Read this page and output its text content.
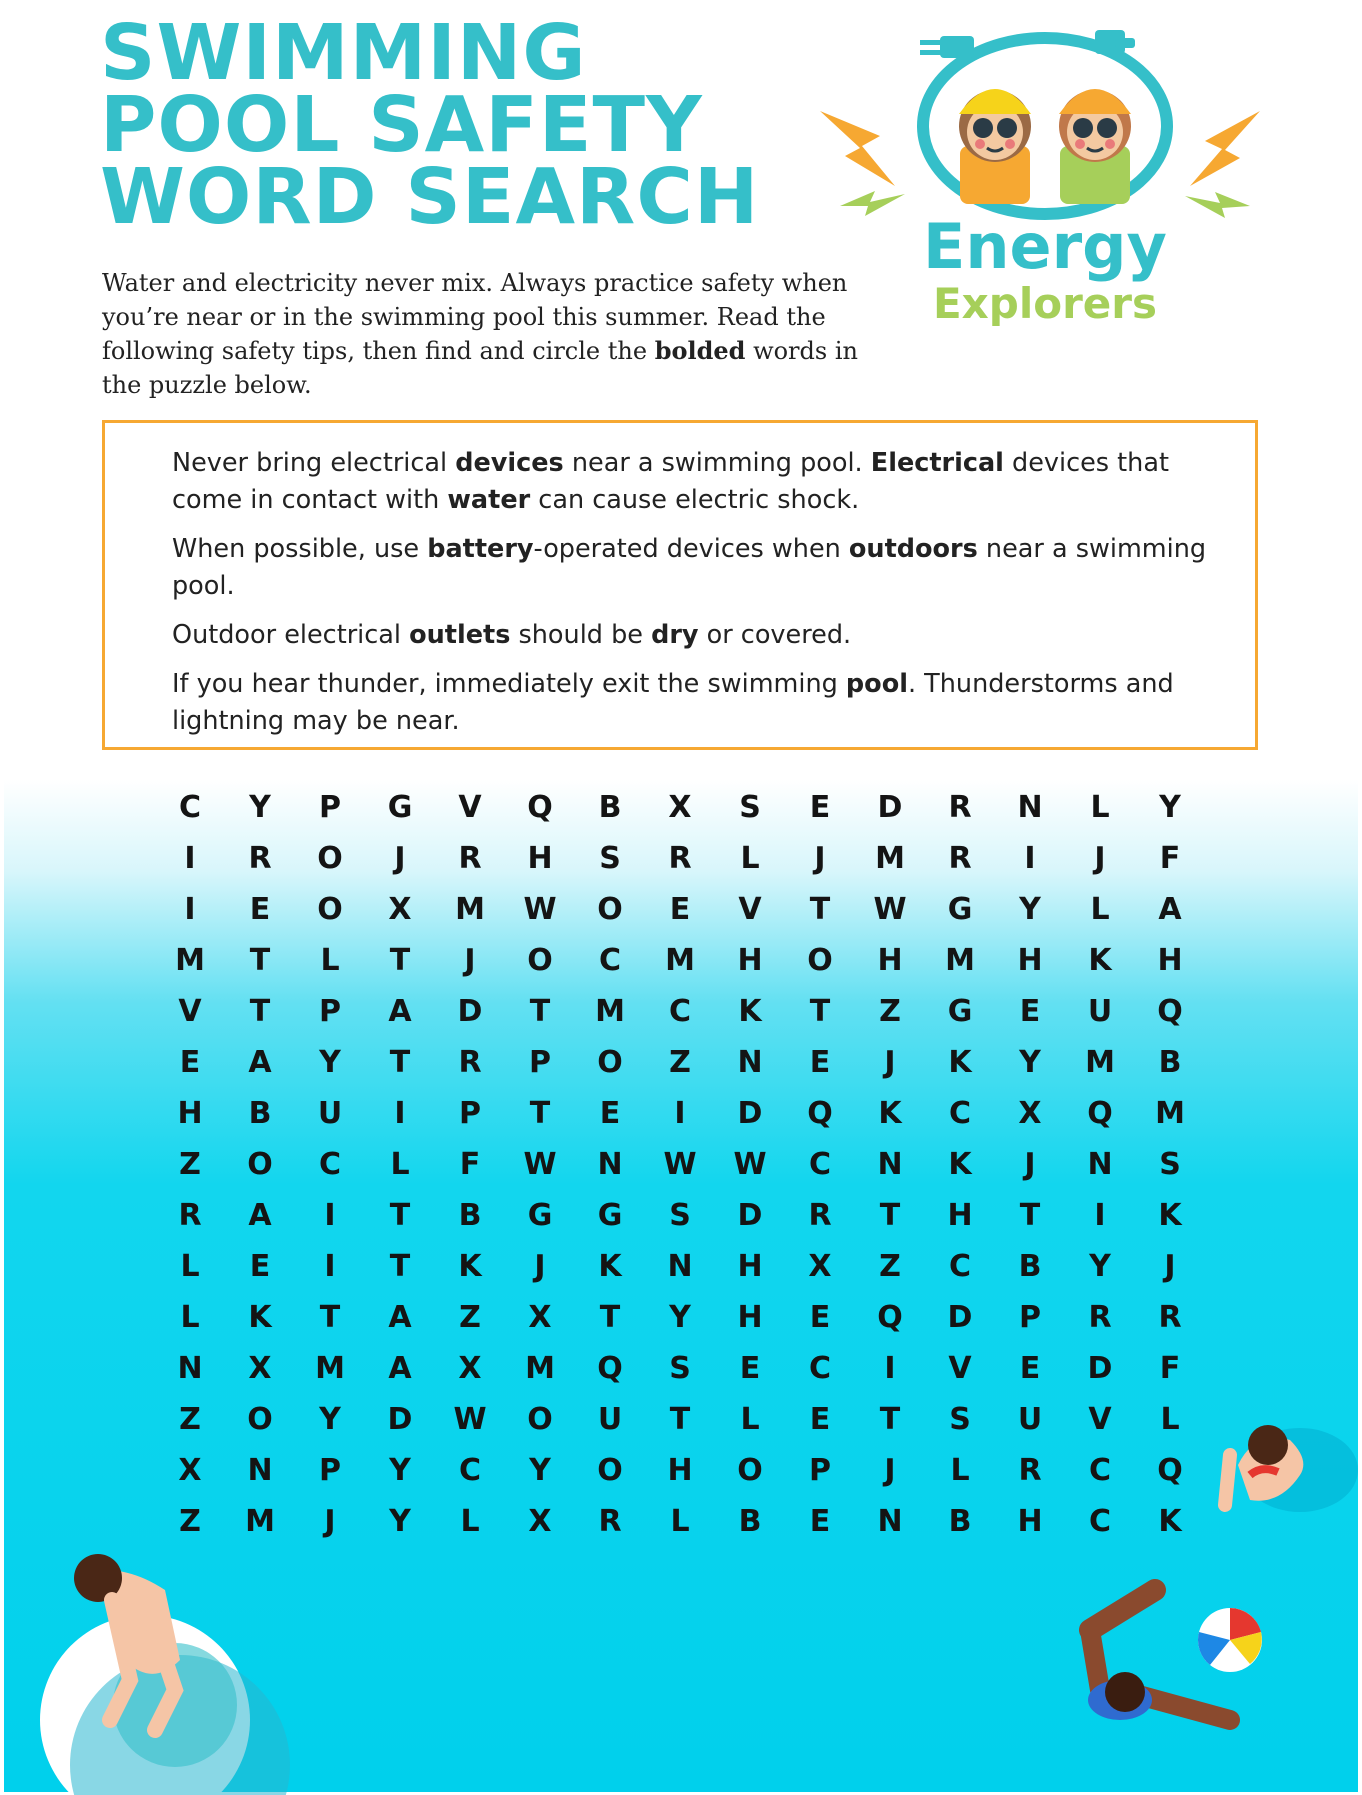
SWIMMING
POOL SAFETY
WORD SEARCH
Energy
Explorers

Water and electricity never mix. Always practice safety when you’re near or in the swimming pool this summer. Read the following safety tips, then find and circle the bolded words in the puzzle below.

Never bring electrical devices near a swimming pool. Electrical devices that come in contact with water can cause electric shock.

When possible, use battery-operated devices when outdoors near a swimming pool.

Outdoor electrical outlets should be dry or covered.

If you hear thunder, immediately exit the swimming pool. Thunderstorms and lightning may be near.

C	Y	P	G	V	Q	B	X	S	E	D	R	N	L	Y
I	R	O	J	R	H	S	R	L	J	M	R	I	J	F
I	E	O	X	M	W	O	E	V	T	W	G	Y	L	A
M	T	L	T	J	O	C	M	H	O	H	M	H	K	H
V	T	P	A	D	T	M	C	K	T	Z	G	E	U	Q
E	A	Y	T	R	P	O	Z	N	E	J	K	Y	M	B
H	B	U	I	P	T	E	I	D	Q	K	C	X	Q	M
Z	O	C	L	F	W	N	W	W	C	N	K	J	N	S
R	A	I	T	B	G	G	S	D	R	T	H	T	I	K
L	E	I	T	K	J	K	N	H	X	Z	C	B	Y	J
L	K	T	A	Z	X	T	Y	H	E	Q	D	P	R	R
N	X	M	A	X	M	Q	S	E	C	I	V	E	D	F
Z	O	Y	D	W	O	U	T	L	E	T	S	U	V	L
X	N	P	Y	C	Y	O	H	O	P	J	L	R	C	Q
Z	M	J	Y	L	X	R	L	B	E	N	B	H	C	K
